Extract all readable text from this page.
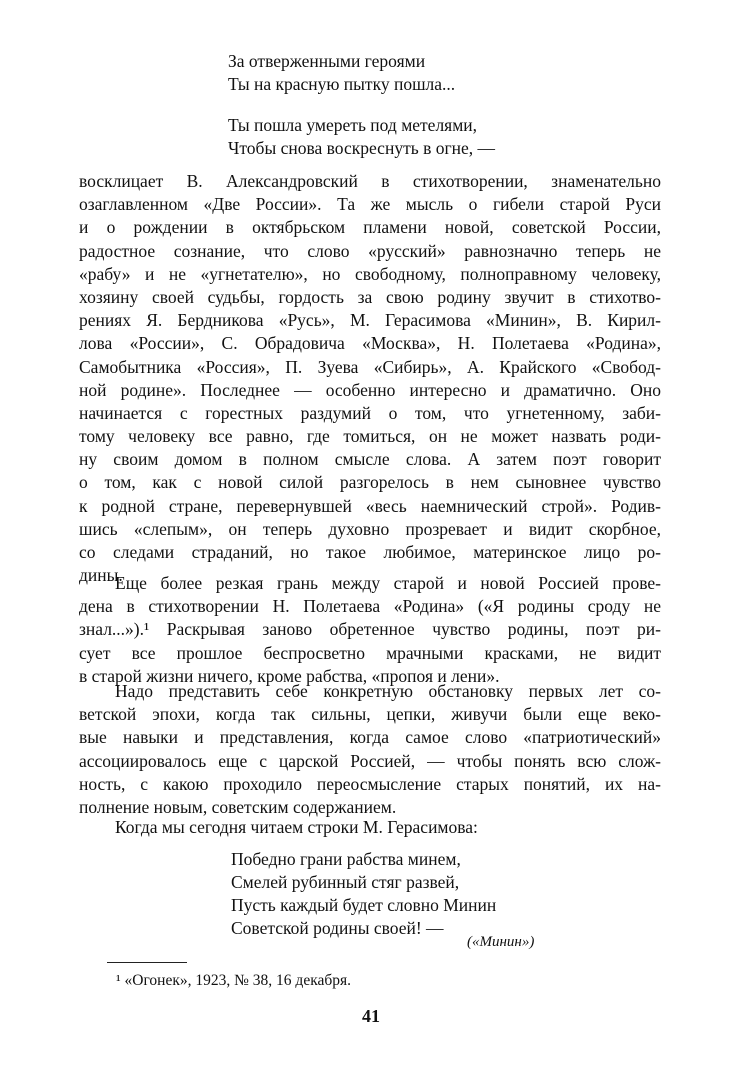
За отверженными героями
Ты на красную пытку пошла...
Ты пошла умереть под метелями,
Чтобы снова воскреснуть в огне, —
восклицает В. Александровский в стихотворении, знаменательно
озаглавленном «Две России». Та же мысль о гибели старой Руси
и о рождении в октябрьском пламени новой, советской России,
радостное сознание, что слово «русский» равнозначно теперь не
«рабу» и не «угнетателю», но свободному, полноправному человеку,
хозяину своей судьбы, гордость за свою родину звучит в стихотво-
рениях Я. Бердникова «Русь», М. Герасимова «Минин», В. Кирил-
лова «России», С. Обрадовича «Москва», Н. Полетаева «Родина»,
Самобытника «Россия», П. Зуева «Сибирь», А. Крайского «Свобод-
ной родине». Последнее — особенно интересно и драматично. Оно
начинается с горестных раздумий о том, что угнетенному, заби-
тому человеку все равно, где томиться, он не может назвать роди-
ну своим домом в полном смысле слова. А затем поэт говорит
о том, как с новой силой разгорелось в нем сыновнее чувство
к родной стране, перевернувшей «весь наемнический строй». Родив-
шись «слепым», он теперь духовно прозревает и видит скорбное,
со следами страданий, но такое любимое, материнское лицо ро-
дины.
Еще более резкая грань между старой и новой Россией прове-
дена в стихотворении Н. Полетаева «Родина» («Я родины сроду не
знал...»).¹ Раскрывая заново обретенное чувство родины, поэт ри-
сует все прошлое беспросветно мрачными красками, не видит
в старой жизни ничего, кроме рабства, «пропоя и лени».
Надо представить себе конкретную обстановку первых лет со-
ветской эпохи, когда так сильны, цепки, живучи были еще веко-
вые навыки и представления, когда самое слово «патриотический»
ассоциировалось еще с царской Россией, — чтобы понять всю слож-
ность, с какою проходило переосмысление старых понятий, их на-
полнение новым, советским содержанием.
Когда мы сегодня читаем строки М. Герасимова:
Победно грани рабства минем,
Смелей рубинный стяг развей,
Пусть каждый будет словно Минин
Советской родины своей! —
(«Минин»)
¹ «Огонек», 1923, № 38, 16 декабря.
41
